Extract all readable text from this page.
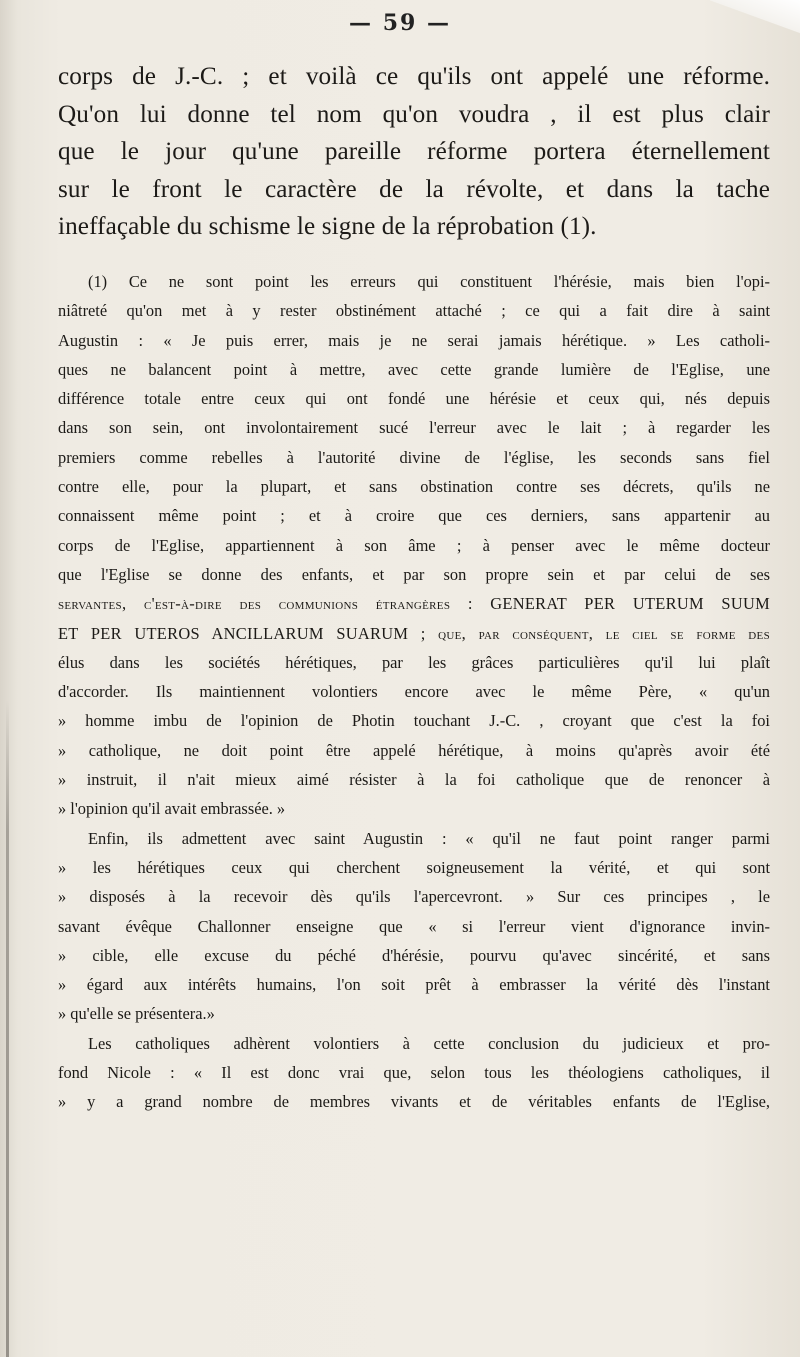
— 59 —
corps de J.-C. ; et voilà ce qu'ils ont appelé une réforme.
Qu'on lui donne tel nom qu'on voudra , il est plus clair
que le jour qu'une pareille réforme portera éternellement
sur le front le caractère de la révolte, et dans la tache
ineffaçable du schisme le signe de la réprobation (1).
(1) Ce ne sont point les erreurs qui constituent l'hérésie, mais bien l'opi-
niâtreté qu'on met à y rester obstinément attaché ; ce qui a fait dire à saint
Augustin : « Je puis errer, mais je ne serai jamais hérétique. » Les catholi-
ques ne balancent point à mettre, avec cette grande lumière de l'Eglise, une
différence totale entre ceux qui ont fondé une hérésie et ceux qui, nés depuis
dans son sein, ont involontairement sucé l'erreur avec le lait ; à regarder les
premiers comme rebelles à l'autorité divine de l'église, les seconds sans fiel
contre elle, pour la plupart, et sans obstination contre ses décrets, qu'ils ne
connaissent même point ; et à croire que ces derniers, sans appartenir au
corps de l'Eglise, appartiennent à son âme ; à penser avec le même docteur
que l'Eglise se donne des enfants, et par son propre sein et par celui de ses
servantes, c'est-à-dire des communions étrangères : GENERAT PER UTERUM SUUM
ET PER UTEROS ANCILLARUM SUARUM ; que, par conséquent, le ciel se forme des
élus dans les sociétés hérétiques, par les grâces particulières qu'il lui plaît
d'accorder. Ils maintiennent volontiers encore avec le même Père, « qu'un
» homme imbu de l'opinion de Photin touchant J.-C. , croyant que c'est la foi
» catholique, ne doit point être appelé hérétique, à moins qu'après avoir été
» instruit, il n'ait mieux aimé résister à la foi catholique que de renoncer à
» l'opinion qu'il avait embrassée. »
Enfin, ils admettent avec saint Augustin : « qu'il ne faut point ranger parmi
» les hérétiques ceux qui cherchent soigneusement la vérité, et qui sont
» disposés à la recevoir dès qu'ils l'apercevront. » Sur ces principes , le
savant évêque Challonner enseigne que « si l'erreur vient d'ignorance invin-
» cible, elle excuse du péché d'hérésie, pourvu qu'avec sincérité, et sans
» égard aux intérêts humains, l'on soit prêt à embrasser la vérité dès l'instant
» qu'elle se présentera.»
Les catholiques adhèrent volontiers à cette conclusion du judicieux et pro-
fond Nicole : « Il est donc vrai que, selon tous les théologiens catholiques, il
» y a grand nombre de membres vivants et de véritables enfants de l'Eglise,
